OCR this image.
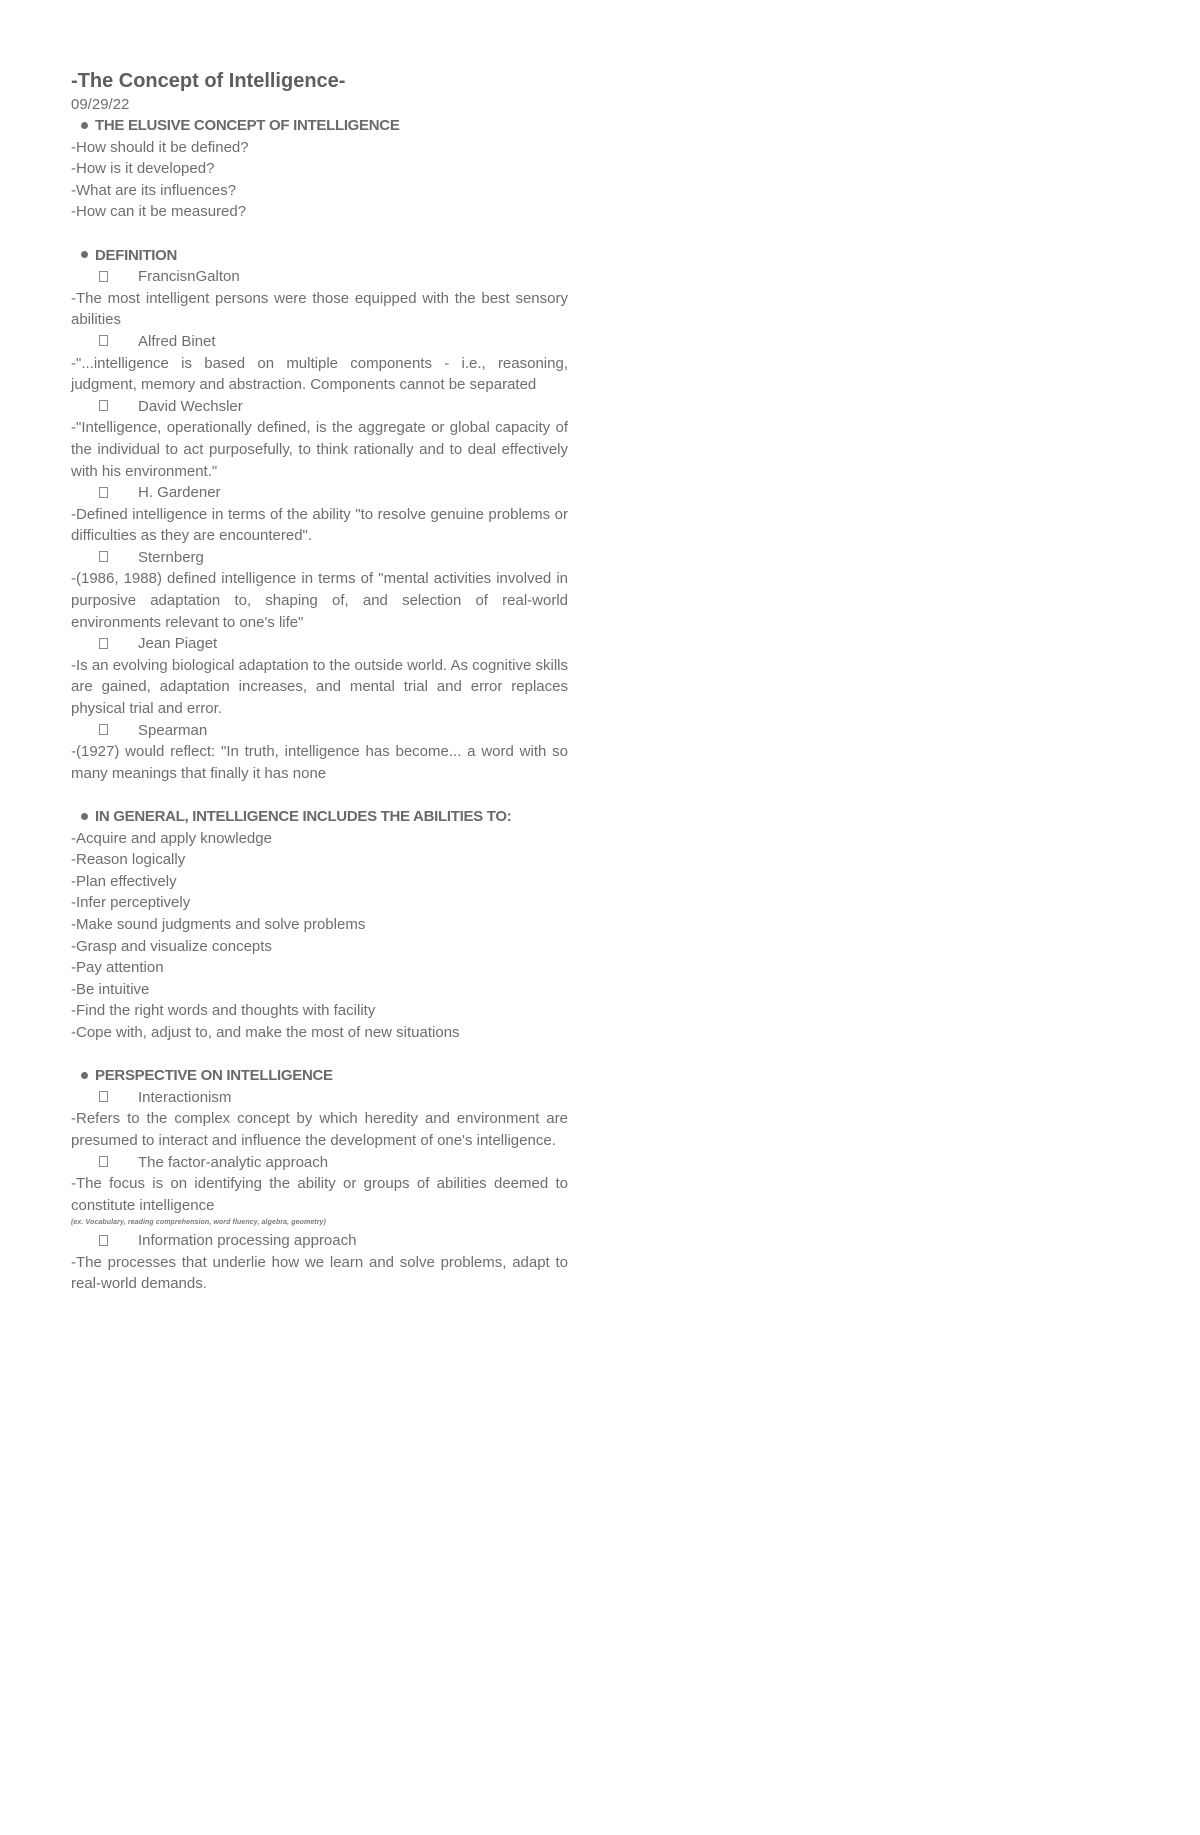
-The Concept of Intelligence-
09/29/22
THE ELUSIVE CONCEPT OF INTELLIGENCE
-How should it be defined?
-How is it developed?
-What are its influences?
-How can it be measured?
DEFINITION
FrancisnGalton
-The most intelligent persons were those equipped with the best sensory abilities
Alfred Binet
-"...intelligence is based on multiple components - i.e., reasoning, judgment, memory and abstraction. Components cannot be separated
David Wechsler
-"Intelligence, operationally defined, is the aggregate or global capacity of the individual to act purposefully, to think rationally and to deal effectively with his environment."
H. Gardener
-Defined intelligence in terms of the ability "to resolve genuine problems or difficulties as they are encountered".
Sternberg
-(1986, 1988) defined intelligence in terms of "mental activities involved in purposive adaptation to, shaping of, and selection of real-world environments relevant to one's life"
Jean Piaget
-Is an evolving biological adaptation to the outside world. As cognitive skills are gained, adaptation increases, and mental trial and error replaces physical trial and error.
Spearman
-(1927) would reflect: "In truth, intelligence has become... a word with so many meanings that finally it has none
IN GENERAL, INTELLIGENCE INCLUDES THE ABILITIES TO:
-Acquire and apply knowledge
-Reason logically
-Plan effectively
-Infer perceptively
-Make sound judgments and solve problems
-Grasp and visualize concepts
-Pay attention
-Be intuitive
-Find the right words and thoughts with facility
-Cope with, adjust to, and make the most of new situations
PERSPECTIVE ON INTELLIGENCE
Interactionism
-Refers to the complex concept by which heredity and environment are presumed to interact and influence the development of one's intelligence.
The factor-analytic approach
-The focus is on identifying the ability or groups of abilities deemed to constitute intelligence
(ex. Vocabulary, reading comprehension, word fluency, algebra, geometry)
Information processing approach
-The processes that underlie how we learn and solve problems, adapt to real-world demands.
